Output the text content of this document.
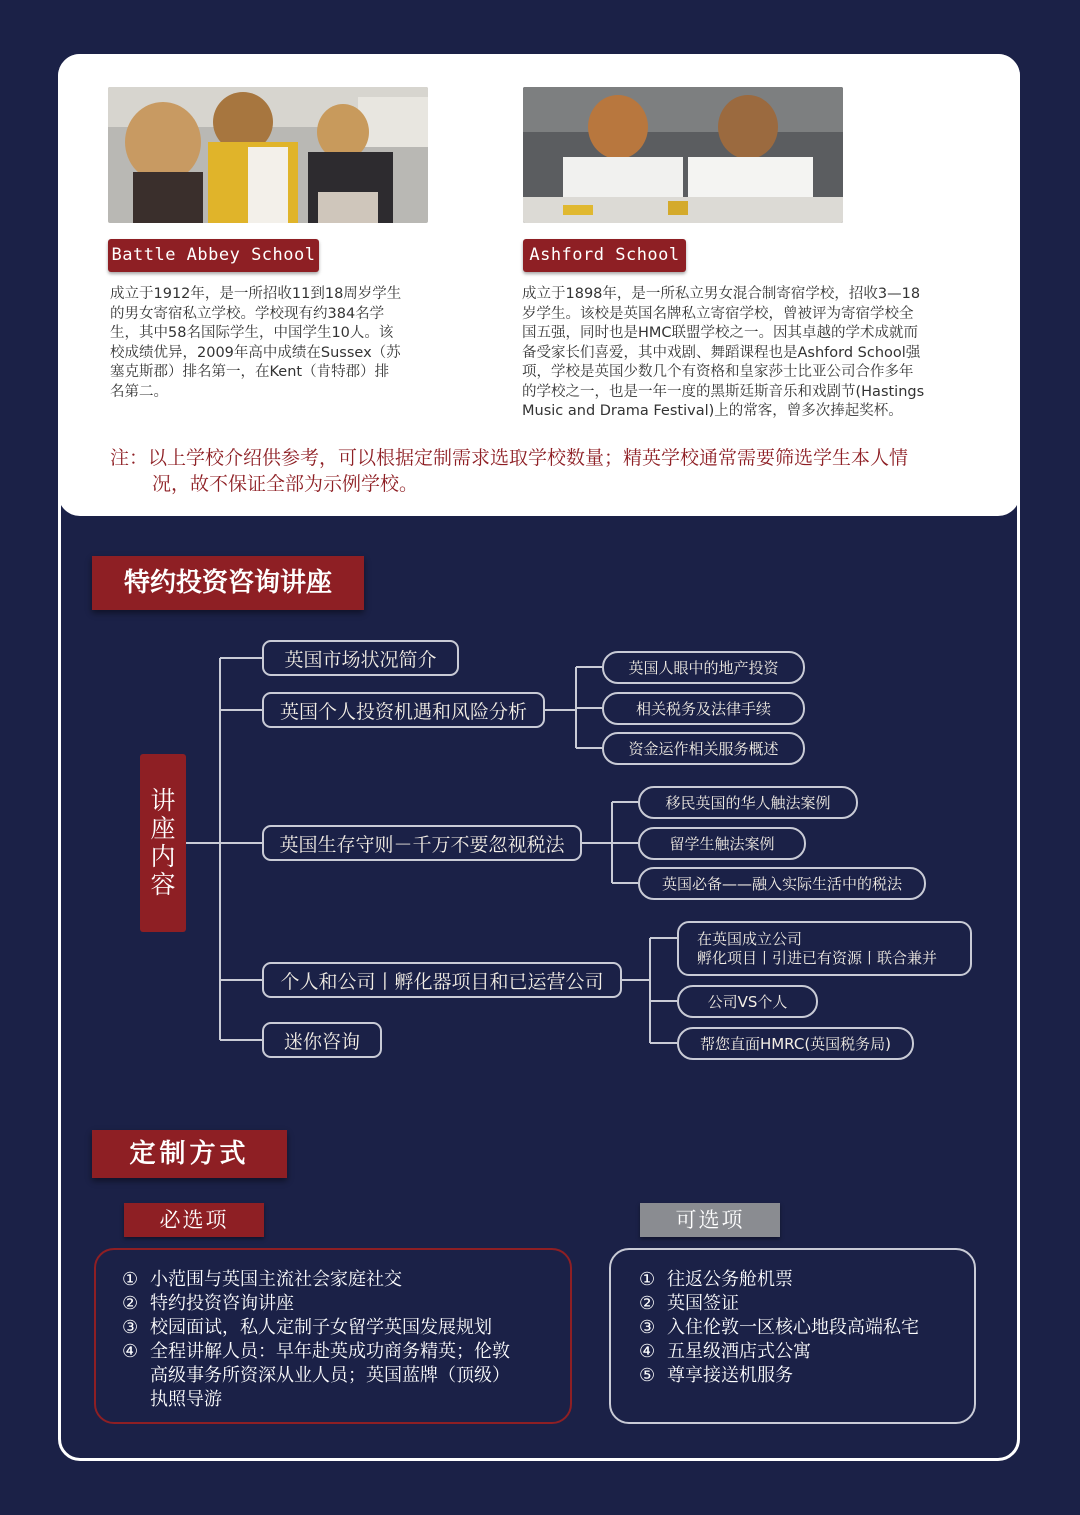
Battle Abbey School	Ashford School
成立于1912年，是一所招收11到18周岁学生
的男女寄宿私立学校。学校现有约384名学
生，其中58名国际学生，中国学生10人。该
校成绩优异，2009年高中成绩在Sussex（苏
塞克斯郡）排名第一，在Kent（肯特郡）排
名第二。
成立于1898年，是一所私立男女混合制寄宿学校，招收3—18
岁学生。该校是英国名牌私立寄宿学校，曾被评为寄宿学校全
国五强，同时也是HMC联盟学校之一。因其卓越的学术成就而
备受家长们喜爱，其中戏剧、舞蹈课程也是Ashford School强
项，学校是英国少数几个有资格和皇家莎士比亚公司合作多年
的学校之一，也是一年一度的黑斯廷斯音乐和戏剧节(Hastings
Music and Drama Festival)上的常客，曾多次捧起奖杯。
注：以上学校介绍供参考，可以根据定制需求选取学校数量；精英学校通常需要筛选学生本人情
况，故不保证全部为示例学校。
特约投资咨询讲座
讲
座
内
容
英国市场状况简介
英国个人投资机遇和风险分析
英国生存守则－千万不要忽视税法
个人和公司丨孵化器项目和已运营公司
迷你咨询
英国人眼中的地产投资
相关税务及法律手续
资金运作相关服务概述
移民英国的华人触法案例
留学生触法案例
英国必备——融入实际生活中的税法
在英国成立公司
孵化项目丨引进已有资源丨联合兼并
公司VS个人
帮您直面HMRC(英国税务局)
定制方式
必选项	可选项
① 小范围与英国主流社会家庭社交
② 特约投资咨询讲座
③ 校园面试，私人定制子女留学英国发展规划
④ 全程讲解人员：早年赴英成功商务精英；伦敦
高级事务所资深从业人员；英国蓝牌（顶级）
执照导游
① 往返公务舱机票
② 英国签证
③ 入住伦敦一区核心地段高端私宅
④ 五星级酒店式公寓
⑤ 尊享接送机服务
